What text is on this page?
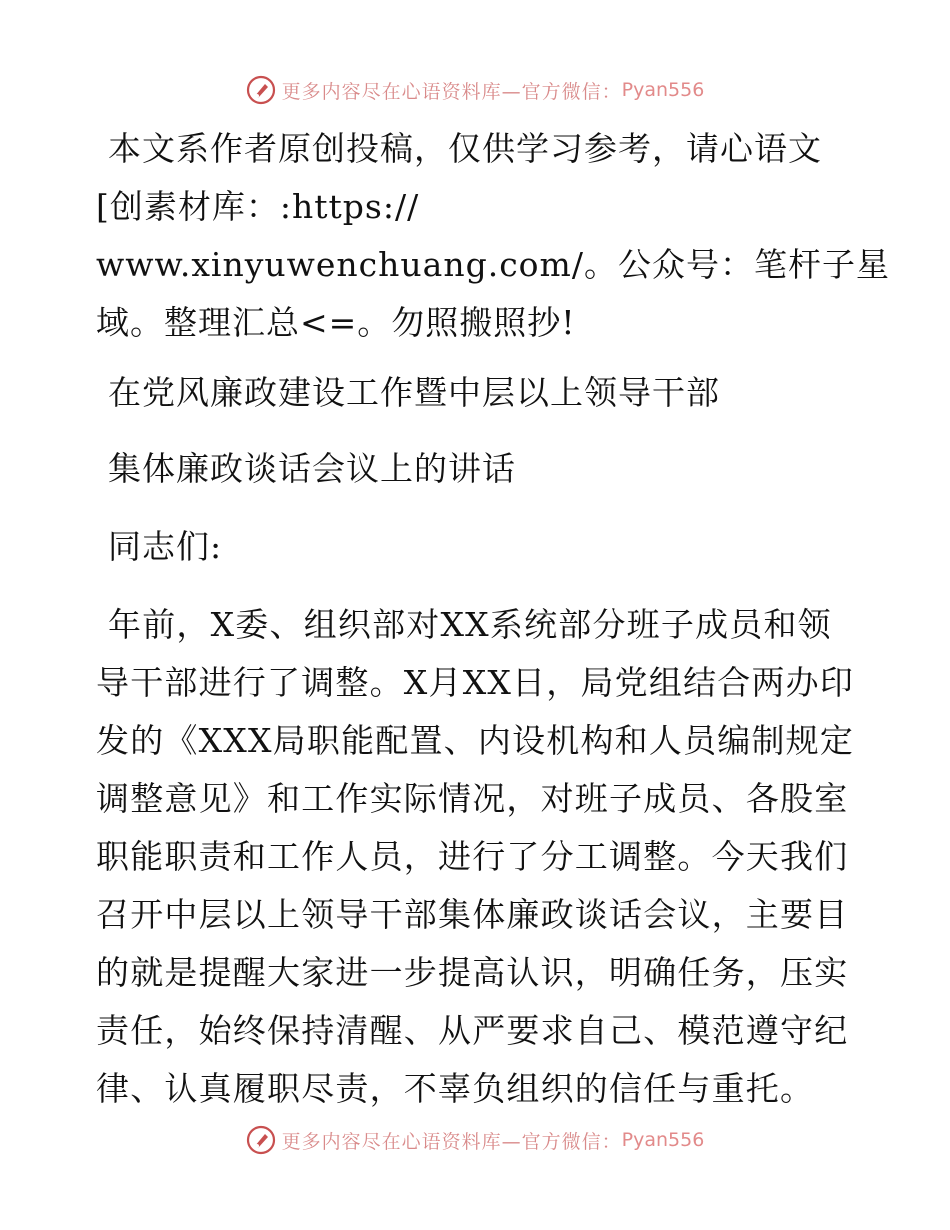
更多内容尽在心语资料库—官方微信： Pyan556
本文系作者原创投稿，仅供学习参考，请心语文
[创素材库：:https://
www.xinyuwenchuang.com/。公众号：笔杆子星
域。整理汇总<=。勿照搬照抄!
在党风廉政建设工作暨中层以上领导干部
集体廉政谈话会议上的讲话
同志们:
年前，X委、组织部对XX系统部分班子成员和领
导干部进行了调整。X月XX日，局党组结合两办印
发的《XXX局职能配置、内设机构和人员编制规定
调整意见》和工作实际情况，对班子成员、各股室
职能职责和工作人员，进行了分工调整。今天我们
召开中层以上领导干部集体廉政谈话会议，主要目
的就是提醒大家进一步提高认识，明确任务，压实
责任，始终保持清醒、从严要求自己、模范遵守纪
律、认真履职尽责，不辜负组织的信任与重托。
更多内容尽在心语资料库—官方微信： Pyan556
